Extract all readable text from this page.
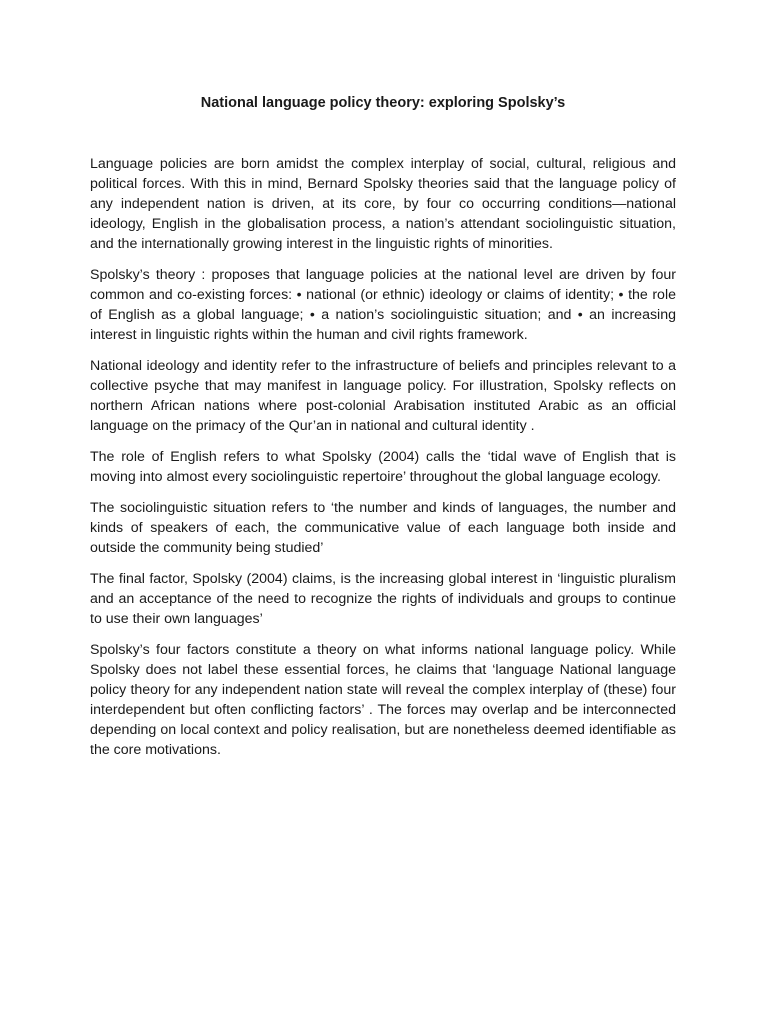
National language policy theory: exploring Spolsky’s

Language policies are born amidst the complex interplay of social, cultural, religious and political forces. With this in mind, Bernard Spolsky theories said that the language policy of any independent nation is driven, at its core, by four co occurring conditions—national ideology, English in the globalisation process, a nation’s attendant sociolinguistic situation, and the internationally growing interest in the linguistic rights of minorities.

Spolsky’s theory : proposes that language policies at the national level are driven by four common and co-existing forces: • national (or ethnic) ideology or claims of identity; • the role of English as a global language; • a nation’s sociolinguistic situation; and • an increasing interest in linguistic rights within the human and civil rights framework.

National ideology and identity refer to the infrastructure of beliefs and principles relevant to a collective psyche that may manifest in language policy. For illustration, Spolsky reflects on northern African nations where post-colonial Arabisation instituted Arabic as an official language on the primacy of the Qur’an in national and cultural identity .

The role of English refers to what Spolsky (2004) calls the ‘tidal wave of English that is moving into almost every sociolinguistic repertoire’ throughout the global language ecology.

The sociolinguistic situation refers to ‘the number and kinds of languages, the number and kinds of speakers of each, the communicative value of each language both inside and outside the community being studied’

The final factor, Spolsky (2004) claims, is the increasing global interest in ‘linguistic pluralism and an acceptance of the need to recognize the rights of individuals and groups to continue to use their own languages’

Spolsky’s four factors constitute a theory on what informs national language policy. While Spolsky does not label these essential forces, he claims that ‘language National language policy theory for any independent nation state will reveal the complex interplay of (these) four interdependent but often conflicting factors’ . The forces may overlap and be interconnected depending on local context and policy realisation, but are nonetheless deemed identifiable as the core motivations.
